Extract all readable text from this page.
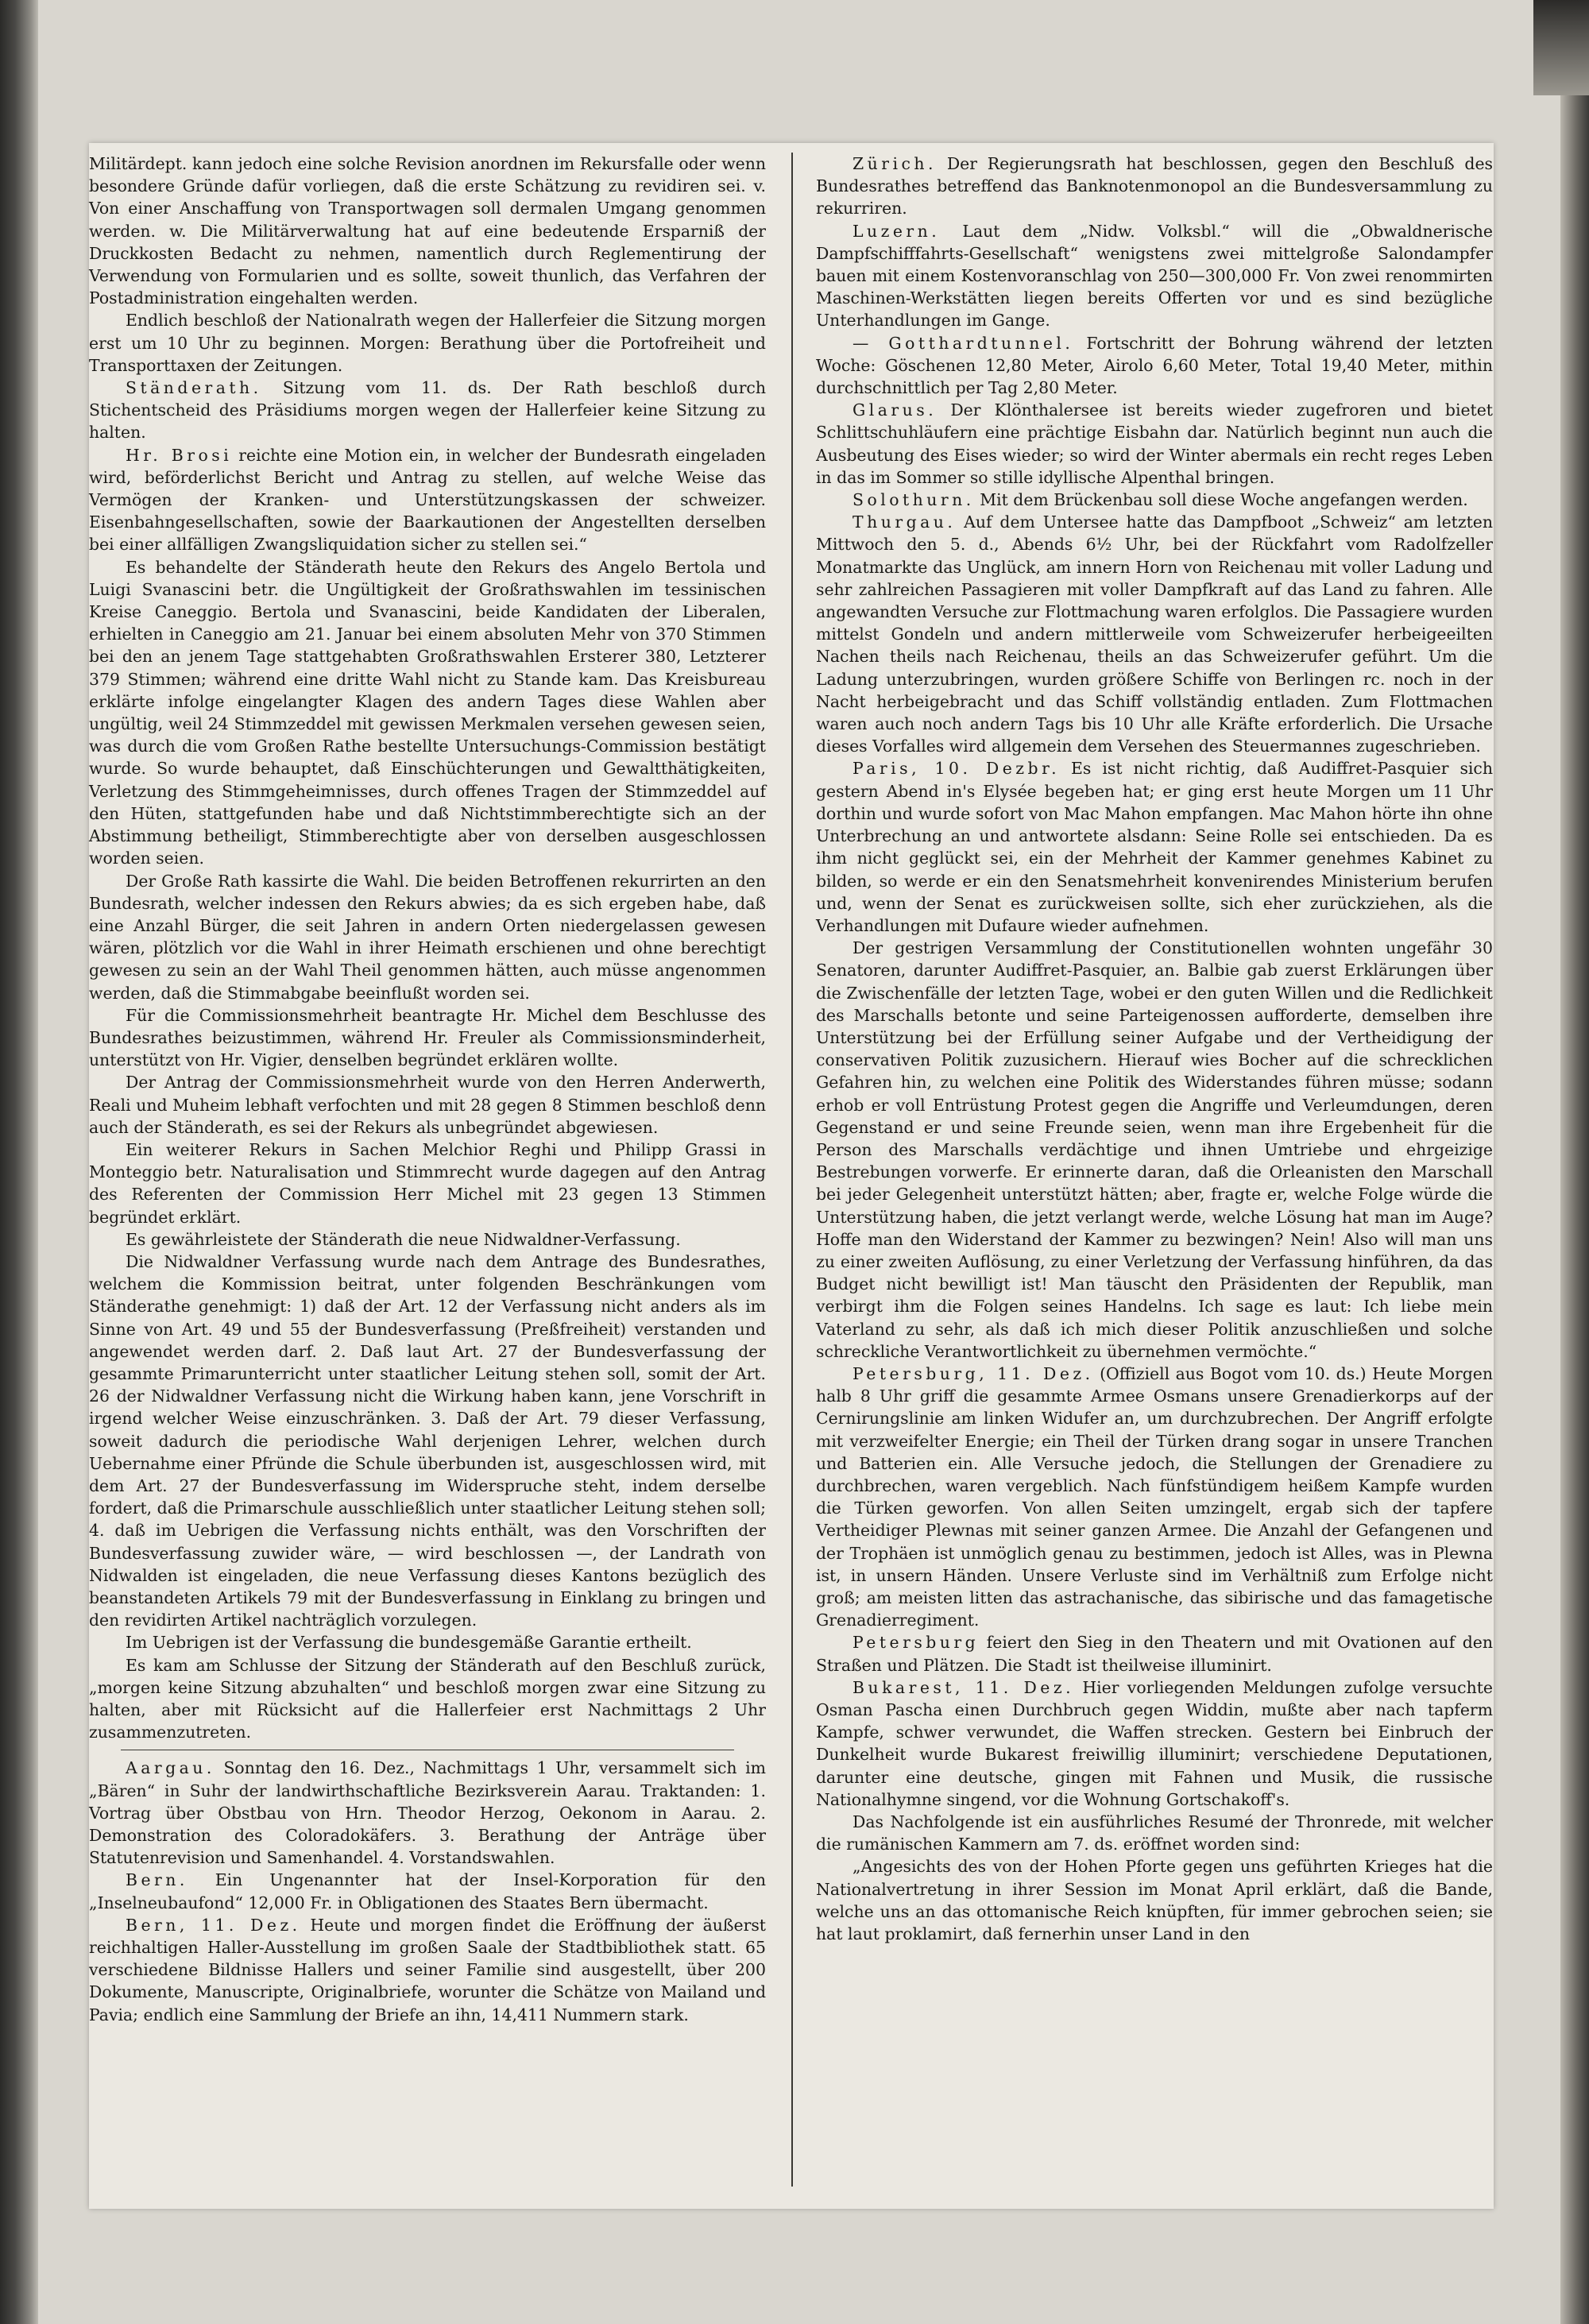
Militärdept. kann jedoch eine solche Revision anordnen im Rekursfalle oder wenn besondere Gründe dafür vorliegen, daß die erste Schätzung zu revidiren sei. v. Von einer Anschaffung von Transportwagen soll dermalen Umgang genommen werden. w. Die Militärverwaltung hat auf eine bedeutende Ersparniß der Druckkosten Bedacht zu nehmen, namentlich durch Reglementirung der Verwendung von Formularien und es sollte, soweit thunlich, das Verfahren der Postadministration eingehalten werden.

Endlich beschloß der Nationalrath wegen der Hallerfeier die Sitzung morgen erst um 10 Uhr zu beginnen. Morgen: Berathung über die Portofreiheit und Transporttaxen der Zeitungen.

Ständerath. Sitzung vom 11. ds. Der Rath beschloß durch Stichentscheid des Präsidiums morgen wegen der Hallerfeier keine Sitzung zu halten.

Hr. Brosi reichte eine Motion ein, in welcher der Bundesrath eingeladen wird, beförderlichst Bericht und Antrag zu stellen, auf welche Weise das Vermögen der Kranken- und Unterstützungskassen der schweizer. Eisenbahngesellschaften, sowie der Baarkautionen der Angestellten derselben bei einer allfälligen Zwangsliquidation sicher zu stellen sei.“

Es behandelte der Ständerath heute den Rekurs des Angelo Bertola und Luigi Svanascini betr. die Ungültigkeit der Großrathswahlen im tessinischen Kreise Caneggio. Bertola und Svanascini, beide Kandidaten der Liberalen, erhielten in Caneggio am 21. Januar bei einem absoluten Mehr von 370 Stimmen bei den an jenem Tage stattgehabten Großrathswahlen Ersterer 380, Letzterer 379 Stimmen; während eine dritte Wahl nicht zu Stande kam. Das Kreisbureau erklärte infolge eingelangter Klagen des andern Tages diese Wahlen aber ungültig, weil 24 Stimmzeddel mit gewissen Merkmalen versehen gewesen seien, was durch die vom Großen Rathe bestellte Untersuchungs-Commission bestätigt wurde. So wurde behauptet, daß Einschüchterungen und Gewaltthätigkeiten, Verletzung des Stimmgeheimnisses, durch offenes Tragen der Stimmzeddel auf den Hüten, stattgefunden habe und daß Nichtstimmberechtigte sich an der Abstimmung betheiligt, Stimmberechtigte aber von derselben ausgeschlossen worden seien.

Der Große Rath kassirte die Wahl. Die beiden Betroffenen rekurrirten an den Bundesrath, welcher indessen den Rekurs abwies; da es sich ergeben habe, daß eine Anzahl Bürger, die seit Jahren in andern Orten niedergelassen gewesen wären, plötzlich vor die Wahl in ihrer Heimath erschienen und ohne berechtigt gewesen zu sein an der Wahl Theil genommen hätten, auch müsse angenommen werden, daß die Stimmabgabe beeinflußt worden sei.

Für die Commissionsmehrheit beantragte Hr. Michel dem Beschlusse des Bundesrathes beizustimmen, während Hr. Freuler als Commissionsminderheit, unterstützt von Hr. Vigier, denselben begründet erklären wollte.

Der Antrag der Commissionsmehrheit wurde von den Herren Anderwerth, Reali und Muheim lebhaft verfochten und mit 28 gegen 8 Stimmen beschloß denn auch der Ständerath, es sei der Rekurs als unbegründet abgewiesen.

Ein weiterer Rekurs in Sachen Melchior Reghi und Philipp Grassi in Monteggio betr. Naturalisation und Stimmrecht wurde dagegen auf den Antrag des Referenten der Commission Herr Michel mit 23 gegen 13 Stimmen begründet erklärt.

Es gewährleistete der Ständerath die neue Nidwaldner-Verfassung.

Die Nidwaldner Verfassung wurde nach dem Antrage des Bundesrathes, welchem die Kommission beitrat, unter folgenden Beschränkungen vom Ständerathe genehmigt: 1) daß der Art. 12 der Verfassung nicht anders als im Sinne von Art. 49 und 55 der Bundesverfassung (Preßfreiheit) verstanden und angewendet werden darf. 2. Daß laut Art. 27 der Bundesverfassung der gesammte Primarunterricht unter staatlicher Leitung stehen soll, somit der Art. 26 der Nidwaldner Verfassung nicht die Wirkung haben kann, jene Vorschrift in irgend welcher Weise einzuschränken. 3. Daß der Art. 79 dieser Verfassung, soweit dadurch die periodische Wahl derjenigen Lehrer, welchen durch Uebernahme einer Pfründe die Schule überbunden ist, ausgeschlossen wird, mit dem Art. 27 der Bundesverfassung im Widerspruche steht, indem derselbe fordert, daß die Primarschule ausschließlich unter staatlicher Leitung stehen soll; 4. daß im Uebrigen die Verfassung nichts enthält, was den Vorschriften der Bundesverfassung zuwider wäre, — wird beschlossen —, der Landrath von Nidwalden ist eingeladen, die neue Verfassung dieses Kantons bezüglich des beanstandeten Artikels 79 mit der Bundesverfassung in Einklang zu bringen und den revidirten Artikel nachträglich vorzulegen.

Im Uebrigen ist der Verfassung die bundesgemäße Garantie ertheilt.

Es kam am Schlusse der Sitzung der Ständerath auf den Beschluß zurück, „morgen keine Sitzung abzuhalten“ und beschloß morgen zwar eine Sitzung zu halten, aber mit Rücksicht auf die Hallerfeier erst Nachmittags 2 Uhr zusammenzutreten.

Aargau. Sonntag den 16. Dez., Nachmittags 1 Uhr, versammelt sich im „Bären“ in Suhr der landwirthschaftliche Bezirksverein Aarau. Traktanden: 1. Vortrag über Obstbau von Hrn. Theodor Herzog, Oekonom in Aarau. 2. Demonstration des Coloradokäfers. 3. Berathung der Anträge über Statutenrevision und Samenhandel. 4. Vorstandswahlen.

Bern. Ein Ungenannter hat der Insel-Korporation für den „Inselneubaufond“ 12,000 Fr. in Obligationen des Staates Bern übermacht.

Bern, 11. Dez. Heute und morgen findet die Eröffnung der äußerst reichhaltigen Haller-Ausstellung im großen Saale der Stadtbibliothek statt. 65 verschiedene Bildnisse Hallers und seiner Familie sind ausgestellt, über 200 Dokumente, Manuscripte, Originalbriefe, worunter die Schätze von Mailand und Pavia; endlich eine Sammlung der Briefe an ihn, 14,411 Nummern stark.

Zürich. Der Regierungsrath hat beschlossen, gegen den Beschluß des Bundesrathes betreffend das Banknotenmonopol an die Bundesversammlung zu rekurriren.

Luzern. Laut dem „Nidw. Volksbl.“ will die „Obwaldnerische Dampfschifffahrts-Gesellschaft“ wenigstens zwei mittelgroße Salondampfer bauen mit einem Kostenvoranschlag von 250—300,000 Fr. Von zwei renommirten Maschinen-Werkstätten liegen bereits Offerten vor und es sind bezügliche Unterhandlungen im Gange.

— Gotthardtunnel. Fortschritt der Bohrung während der letzten Woche: Göschenen 12,80 Meter, Airolo 6,60 Meter, Total 19,40 Meter, mithin durchschnittlich per Tag 2,80 Meter.

Glarus. Der Klönthalersee ist bereits wieder zugefroren und bietet Schlittschuhläufern eine prächtige Eisbahn dar. Natürlich beginnt nun auch die Ausbeutung des Eises wieder; so wird der Winter abermals ein recht reges Leben in das im Sommer so stille idyllische Alpenthal bringen.

Solothurn. Mit dem Brückenbau soll diese Woche angefangen werden.

Thurgau. Auf dem Untersee hatte das Dampfboot „Schweiz“ am letzten Mittwoch den 5. d., Abends 6½ Uhr, bei der Rückfahrt vom Radolfzeller Monatmarkte das Unglück, am innern Horn von Reichenau mit voller Ladung und sehr zahlreichen Passagieren mit voller Dampfkraft auf das Land zu fahren. Alle angewandten Versuche zur Flottmachung waren erfolglos. Die Passagiere wurden mittelst Gondeln und andern mittlerweile vom Schweizerufer herbeigeeilten Nachen theils nach Reichenau, theils an das Schweizerufer geführt. Um die Ladung unterzubringen, wurden größere Schiffe von Berlingen rc. noch in der Nacht herbeigebracht und das Schiff vollständig entladen. Zum Flottmachen waren auch noch andern Tags bis 10 Uhr alle Kräfte erforderlich. Die Ursache dieses Vorfalles wird allgemein dem Versehen des Steuermannes zugeschrieben.

Paris, 10. Dezbr. Es ist nicht richtig, daß Audiffret-Pasquier sich gestern Abend in's Elysée begeben hat; er ging erst heute Morgen um 11 Uhr dorthin und wurde sofort von Mac Mahon empfangen. Mac Mahon hörte ihn ohne Unterbrechung an und antwortete alsdann: Seine Rolle sei entschieden. Da es ihm nicht geglückt sei, ein der Mehrheit der Kammer genehmes Kabinet zu bilden, so werde er ein den Senatsmehrheit konvenirendes Ministerium berufen und, wenn der Senat es zurückweisen sollte, sich eher zurückziehen, als die Verhandlungen mit Dufaure wieder aufnehmen.

Der gestrigen Versammlung der Constitutionellen wohnten ungefähr 30 Senatoren, darunter Audiffret-Pasquier, an. Balbie gab zuerst Erklärungen über die Zwischenfälle der letzten Tage, wobei er den guten Willen und die Redlichkeit des Marschalls betonte und seine Parteigenossen aufforderte, demselben ihre Unterstützung bei der Erfüllung seiner Aufgabe und der Vertheidigung der conservativen Politik zuzusichern. Hierauf wies Bocher auf die schrecklichen Gefahren hin, zu welchen eine Politik des Widerstandes führen müsse; sodann erhob er voll Entrüstung Protest gegen die Angriffe und Verleumdungen, deren Gegenstand er und seine Freunde seien, wenn man ihre Ergebenheit für die Person des Marschalls verdächtige und ihnen Umtriebe und ehrgeizige Bestrebungen vorwerfe. Er erinnerte daran, daß die Orleanisten den Marschall bei jeder Gelegenheit unterstützt hätten; aber, fragte er, welche Folge würde die Unterstützung haben, die jetzt verlangt werde, welche Lösung hat man im Auge? Hoffe man den Widerstand der Kammer zu bezwingen? Nein! Also will man uns zu einer zweiten Auflösung, zu einer Verletzung der Verfassung hinführen, da das Budget nicht bewilligt ist! Man täuscht den Präsidenten der Republik, man verbirgt ihm die Folgen seines Handelns. Ich sage es laut: Ich liebe mein Vaterland zu sehr, als daß ich mich dieser Politik anzuschließen und solche schreckliche Verantwortlichkeit zu übernehmen vermöchte.“

Petersburg, 11. Dez. (Offiziell aus Bogot vom 10. ds.) Heute Morgen halb 8 Uhr griff die gesammte Armee Osmans unsere Grenadierkorps auf der Cernirungslinie am linken Widufer an, um durchzubrechen. Der Angriff erfolgte mit verzweifelter Energie; ein Theil der Türken drang sogar in unsere Tranchen und Batterien ein. Alle Versuche jedoch, die Stellungen der Grenadiere zu durchbrechen, waren vergeblich. Nach fünfstündigem heißem Kampfe wurden die Türken geworfen. Von allen Seiten umzingelt, ergab sich der tapfere Vertheidiger Plewnas mit seiner ganzen Armee. Die Anzahl der Gefangenen und der Trophäen ist unmöglich genau zu bestimmen, jedoch ist Alles, was in Plewna ist, in unsern Händen. Unsere Verluste sind im Verhältniß zum Erfolge nicht groß; am meisten litten das astrachanische, das sibirische und das famagetische Grenadierregiment.

Petersburg feiert den Sieg in den Theatern und mit Ovationen auf den Straßen und Plätzen. Die Stadt ist theilweise illuminirt.

Bukarest, 11. Dez. Hier vorliegenden Meldungen zufolge versuchte Osman Pascha einen Durchbruch gegen Widdin, mußte aber nach tapferm Kampfe, schwer verwundet, die Waffen strecken. Gestern bei Einbruch der Dunkelheit wurde Bukarest freiwillig illuminirt; verschiedene Deputationen, darunter eine deutsche, gingen mit Fahnen und Musik, die russische Nationalhymne singend, vor die Wohnung Gortschakoff's.

Das Nachfolgende ist ein ausführliches Resumé der Thronrede, mit welcher die rumänischen Kammern am 7. ds. eröffnet worden sind:

„Angesichts des von der Hohen Pforte gegen uns geführten Krieges hat die Nationalvertretung in ihrer Session im Monat April erklärt, daß die Bande, welche uns an das ottomanische Reich knüpften, für immer gebrochen seien; sie hat laut proklamirt, daß fernerhin unser Land in den
